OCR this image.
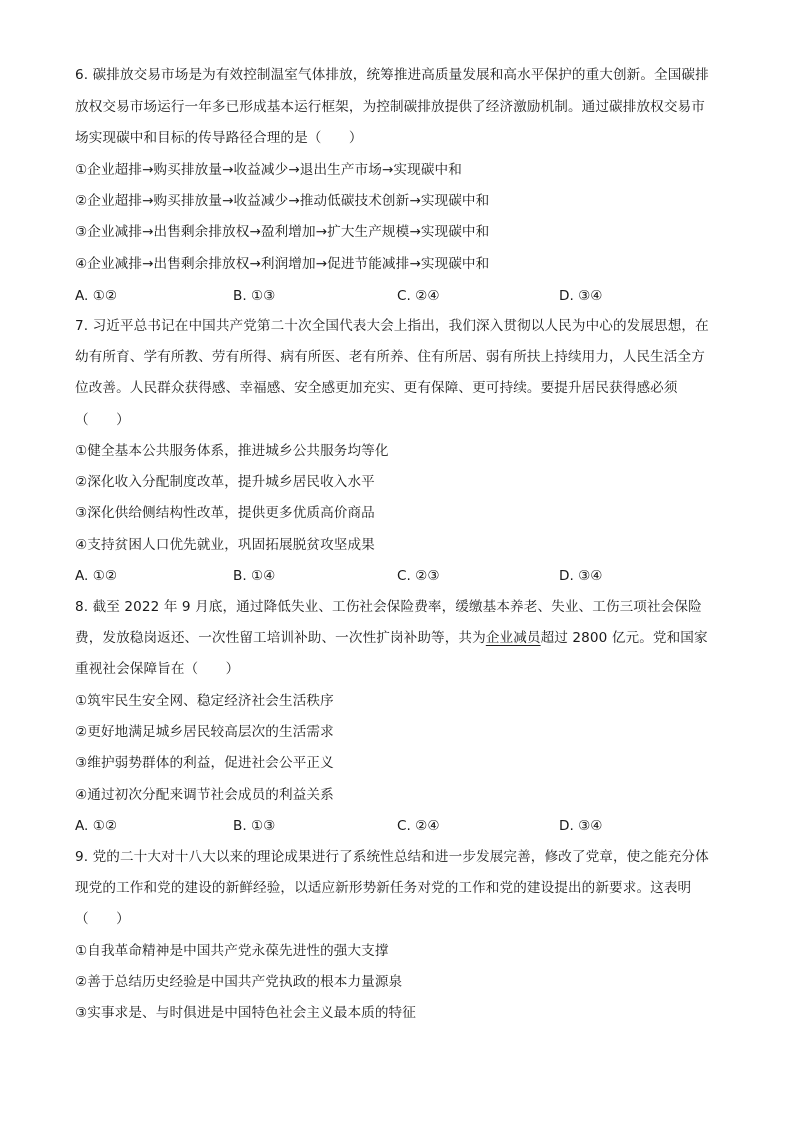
6. 碳排放交易市场是为有效控制温室气体排放，统筹推进高质量发展和高水平保护的重大创新。全国碳排
放权交易市场运行一年多已形成基本运行框架，为控制碳排放提供了经济激励机制。通过碳排放权交易市
场实现碳中和目标的传导路径合理的是（　　）
①企业超排→购买排放量→收益减少→退出生产市场→实现碳中和
②企业超排→购买排放量→收益减少→推动低碳技术创新→实现碳中和
③企业减排→出售剩余排放权→盈利增加→扩大生产规模→实现碳中和
④企业减排→出售剩余排放权→利润增加→促进节能减排→实现碳中和
A. ①②	B. ①③	C. ②④	D. ③④
7. 习近平总书记在中国共产党第二十次全国代表大会上指出，我们深入贯彻以人民为中心的发展思想，在
幼有所育、学有所教、劳有所得、病有所医、老有所养、住有所居、弱有所扶上持续用力，人民生活全方
位改善。人民群众获得感、幸福感、安全感更加充实、更有保障、更可持续。要提升居民获得感必须
（　　）
①健全基本公共服务体系，推进城乡公共服务均等化
②深化收入分配制度改革，提升城乡居民收入水平
③深化供给侧结构性改革，提供更多优质高价商品
④支持贫困人口优先就业，巩固拓展脱贫攻坚成果
A. ①②	B. ①④	C. ②③	D. ③④
8. 截至 2022 年 9 月底，通过降低失业、工伤社会保险费率，缓缴基本养老、失业、工伤三项社会保险
费，发放稳岗返还、一次性留工培训补助、一次性扩岗补助等，共为企业减员超过 2800 亿元。党和国家
重视社会保障旨在（　　）
①筑牢民生安全网、稳定经济社会生活秩序
②更好地满足城乡居民较高层次的生活需求
③维护弱势群体的利益，促进社会公平正义
④通过初次分配来调节社会成员的利益关系
A. ①②	B. ①③	C. ②④	D. ③④
9. 党的二十大对十八大以来的理论成果进行了系统性总结和进一步发展完善，修改了党章，使之能充分体
现党的工作和党的建设的新鲜经验，以适应新形势新任务对党的工作和党的建设提出的新要求。这表明
（　　）
①自我革命精神是中国共产党永葆先进性的强大支撑
②善于总结历史经验是中国共产党执政的根本力量源泉
③实事求是、与时俱进是中国特色社会主义最本质的特征
